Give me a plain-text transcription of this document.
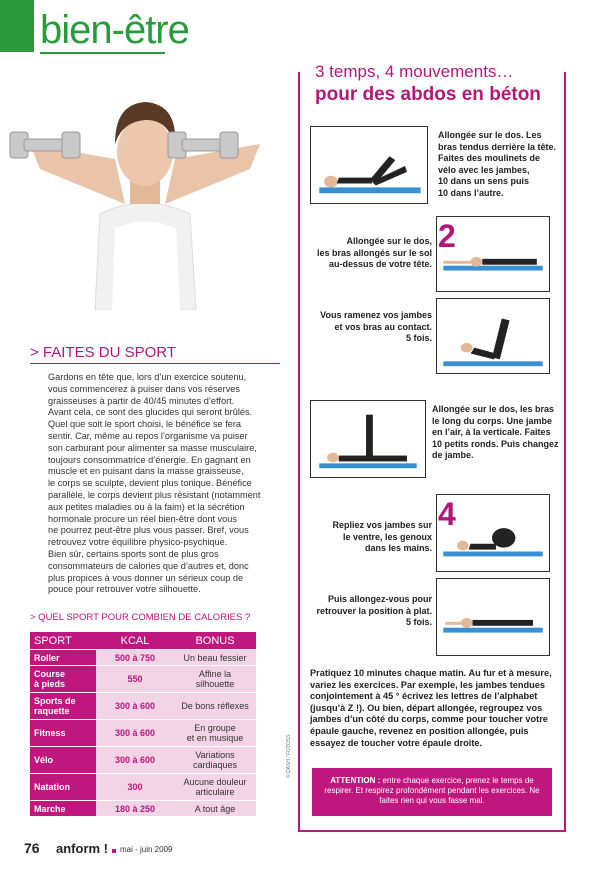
bien-être
> FAITES DU SPORT
Gardons en tête que, lors d’un exercice soutenu,
vous commencerez à puiser dans vos réserves
graisseuses à partir de 40/45 minutes d’effort.
Avant cela, ce sont des glucides qui seront brûlés.
Quel que soit le sport choisi, le bénéfice se fera
sentir. Car, même au repos l’organisme va puiser
son carburant pour alimenter sa masse musculaire,
toujours consommatrice d’énergie. En gagnant en
muscle et en puisant dans la masse graisseuse,
le corps se sculpte, devient plus tonique. Bénéfice
parallèle, le corps devient plus résistant (notamment
aux petites maladies ou à la faim) et la sécrétion
hormonale procure un réel bien-être dont vous
ne pourrez peut-être plus vous passer. Bref, vous
retrouvez votre équilibre physico-psychique.
Bien sûr, certains sports sont de plus gros
consommateurs de calories que d’autres et, donc
plus propices à vous donner un sérieux coup de
pouce pour retrouver votre silhouette.
> QUEL SPORT POUR COMBIEN DE CALORIES ?
SPORT	KCAL	BONUS
Roller	500 à 750	Un beau fessier
Course
à pieds	550	Affine la
silhouette
Sports de
raquette	300 à 600	De bons réflexes
Fitness	300 à 600	En groupe
et en musique
Vélo	300 à 600	Variations
cardiaques
Natation	300	Aucune douleur
articulaire
Marche	180 à 250	A tout âge
76 anform ! mai - juin 2009
© DASH / FOTOSS
3 temps, 4 mouvements…
pour des abdos en béton
Allongée sur le dos. Les
bras tendus derrière la tête.
Faites des moulinets de
vélo avec les jambes,
10 dans un sens puis
10 dans l’autre.
Allongée sur le dos,
les bras allongés sur le sol
au-dessus de votre tête.
2
Vous ramenez vos jambes
et vos bras au contact.
5 fois.
Allongée sur le dos, les bras
le long du corps. Une jambe
en l’air, à la verticale. Faites
10 petits ronds. Puis changez
de jambe.
Repliez vos jambes sur
le ventre, les genoux
dans les mains.
4
Puis allongez-vous pour
retrouver la position à plat.
5 fois.
Pratiquez 10 minutes chaque matin. Au fur et à mesure, variez les exercices. Par exemple, les jambes tendues conjointement à 45 ° écrivez les lettres de l’alphabet (jusqu’à Z !). Ou bien, départ allongée, regroupez vos jambes d’un côté du corps, comme pour toucher votre épaule gauche, revenez en position allongée, puis essayez de toucher votre épaule droite.
ATTENTION : entre chaque exercice, prenez le temps de respirer. Et respirez profondément pendant les exercices. Ne faites rien qui vous fasse mal.
